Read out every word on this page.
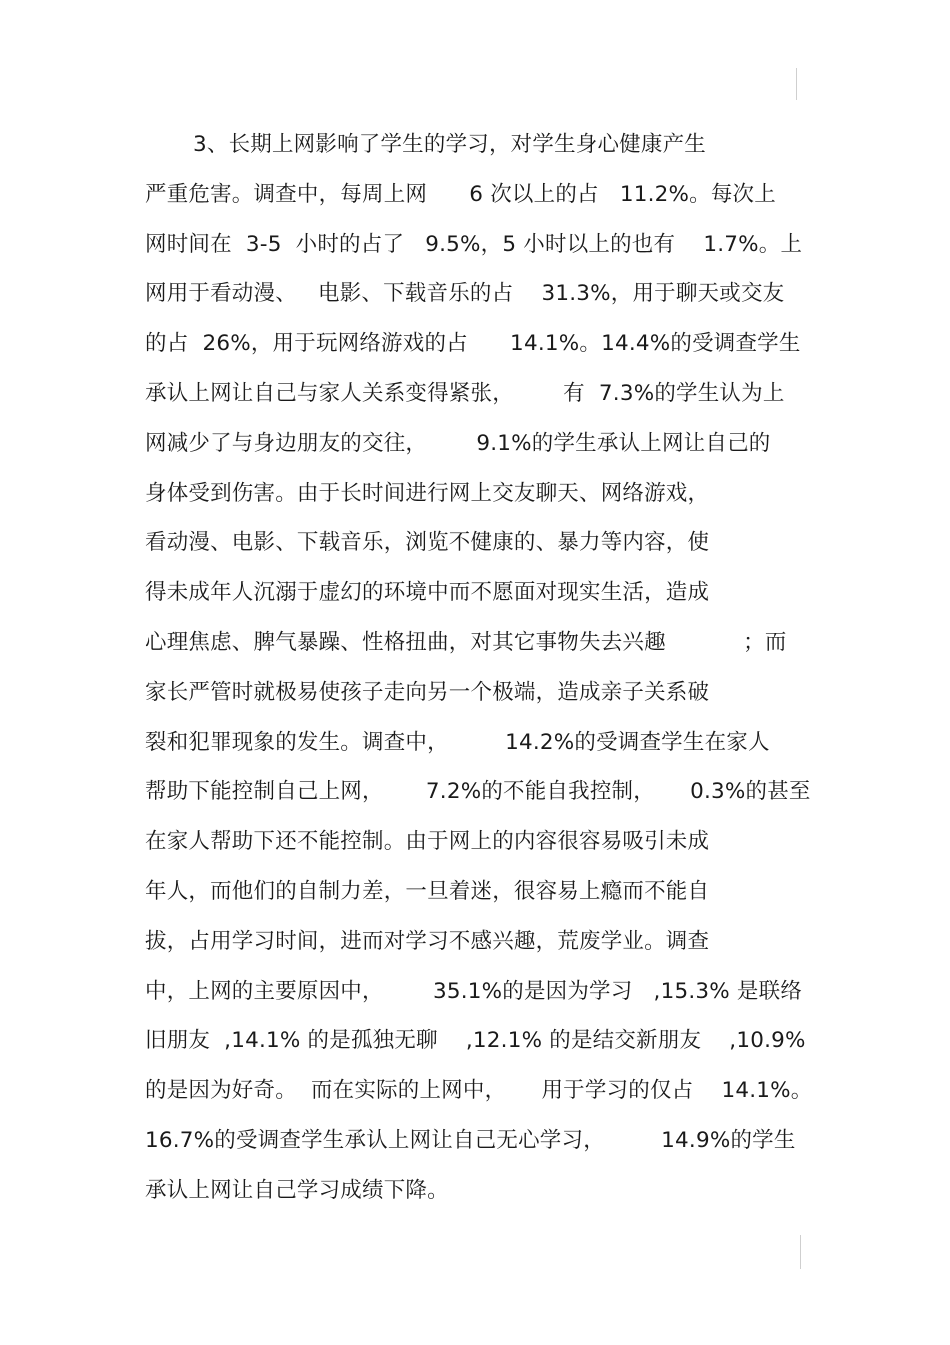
3、长期上网影响了学生的学习，对学生身心健康产生
严重危害。调查中，每周上网      6 次以上的占   11.2%。每次上
网时间在  3-5  小时的占了   9.5%，5 小时以上的也有    1.7%。上
网用于看动漫、   电影、下载音乐的占    31.3%，用于聊天或交友
的占  26%，用于玩网络游戏的占      14.1%。14.4%的受调查学生
承认上网让自己与家人关系变得紧张，       有  7.3%的学生认为上
网减少了与身边朋友的交往，       9.1%的学生承认上网让自己的
身体受到伤害。由于长时间进行网上交友聊天、网络游戏，
看动漫、电影、下载音乐，浏览不健康的、暴力等内容，使
得未成年人沉溺于虚幻的环境中而不愿面对现实生活，造成
心理焦虑、脾气暴躁、性格扭曲，对其它事物失去兴趣           ；而
家长严管时就极易使孩子走向另一个极端，造成亲子关系破
裂和犯罪现象的发生。调查中，        14.2%的受调查学生在家人
帮助下能控制自己上网，      7.2%的不能自我控制，     0.3%的甚至
在家人帮助下还不能控制。由于网上的内容很容易吸引未成
年人，而他们的自制力差，一旦着迷，很容易上瘾而不能自
拔，占用学习时间，进而对学习不感兴趣，荒废学业。调查
中，上网的主要原因中，       35.1%的是因为学习   ,15.3% 是联络
旧朋友  ,14.1% 的是孤独无聊    ,12.1% 的是结交新朋友    ,10.9%
的是因为好奇。  而在实际的上网中，     用于学习的仅占    14.1%。
16.7%的受调查学生承认上网让自己无心学习，        14.9%的学生
承认上网让自己学习成绩下降。
